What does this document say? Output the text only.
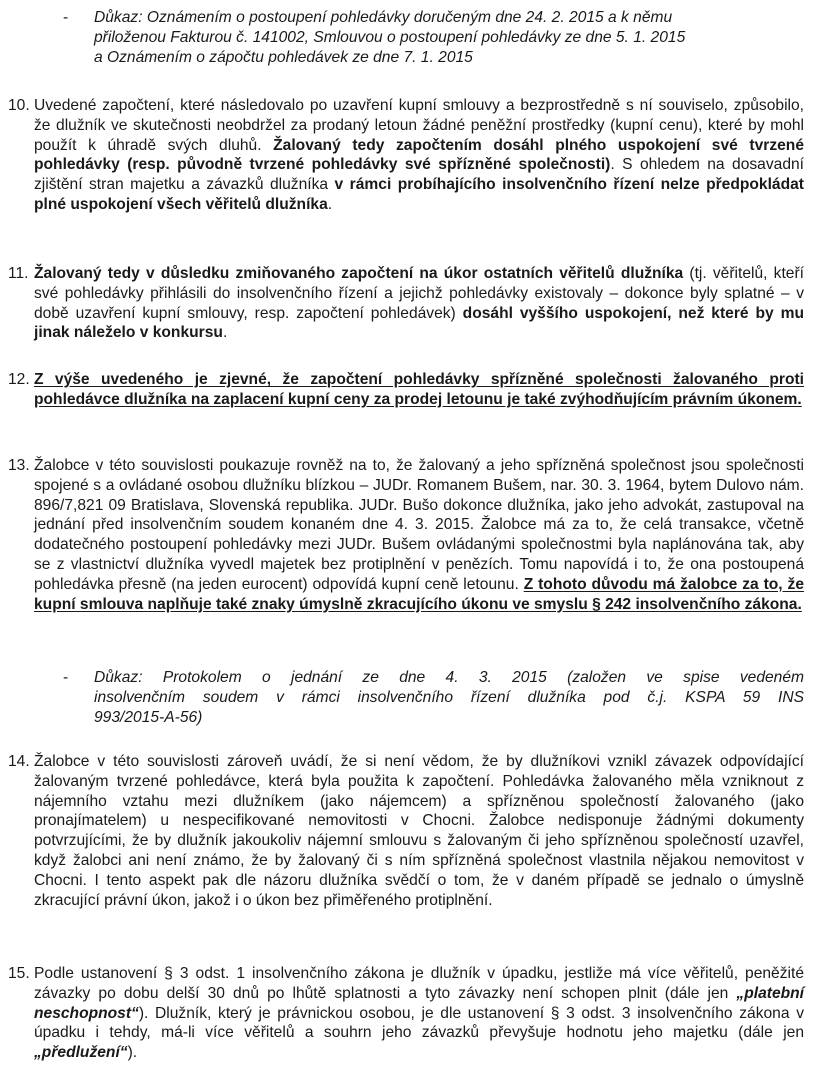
- Důkaz: Oznámením o postoupení pohledávky doručeným dne 24. 2. 2015 a k němu
přiloženou Fakturou č. 141002, Smlouvou o postoupení pohledávky ze dne 5. 1. 2015
a Oznámením o zápočtu pohledávek ze dne 7. 1. 2015
10. Uvedené započtení, které následovalo po uzavření kupní smlouvy a bezprostředně s ní souviselo, způsobilo, že dlužník ve skutečnosti neobdržel za prodaný letoun žádné peněžní prostředky (kupní cenu), které by mohl použít k úhradě svých dluhů. Žalovaný tedy započtením dosáhl plného uspokojení své tvrzené pohledávky (resp. původně tvrzené pohledávky své spřízněné společnosti). S ohledem na dosavadní zjištění stran majetku a závazků dlužníka v rámci probíhajícího insolvenčního řízení nelze předpokládat plné uspokojení všech věřitelů dlužníka.

11. Žalovaný tedy v důsledku zmiňovaného započtení na úkor ostatních věřitelů dlužníka (tj. věřitelů, kteří své pohledávky přihlásili do insolvenčního řízení a jejichž pohledávky existovaly – dokonce byly splatné – v době uzavření kupní smlouvy, resp. započtení pohledávek) dosáhl vyššího uspokojení, než které by mu jinak náleželo v konkursu.

12. Z výše uvedeného je zjevné, že započtení pohledávky spřízněné společnosti žalovaného proti pohledávce dlužníka na zaplacení kupní ceny za prodej letounu je také zvýhodňujícím právním úkonem.

13. Žalobce v této souvislosti poukazuje rovněž na to, že žalovaný a jeho spřízněná společnost jsou společnosti spojené s a ovládané osobou dlužníku blízkou – JUDr. Romanem Bušem, nar. 30. 3. 1964, bytem Dulovo nám. 896/7,821 09 Bratislava, Slovenská republika. JUDr. Bušo dokonce dlužníka, jako jeho advokát, zastupoval na jednání před insolvenčním soudem konaném dne 4. 3. 2015. Žalobce má za to, že celá transakce, včetně dodatečného postoupení pohledávky mezi JUDr. Bušem ovládanými společnostmi byla naplánována tak, aby se z vlastnictví dlužníka vyvedl majetek bez protiplnění v penězích. Tomu napovídá i to, že ona postoupená pohledávka přesně (na jeden eurocent) odpovídá kupní ceně letounu. Z tohoto důvodu má žalobce za to, že kupní smlouva naplňuje také znaky úmyslně zkracujícího úkonu ve smyslu § 242 insolvenčního zákona.

- Důkaz: Protokolem o jednání ze dne 4. 3. 2015 (založen ve spise vedeném
insolvenčním soudem v rámci insolvenčního řízení dlužníka pod č.j. KSPA 59 INS
993/2015-A-56)
14. Žalobce v této souvislosti zároveň uvádí, že si není vědom, že by dlužníkovi vznikl závazek odpovídající žalovaným tvrzené pohledávce, která byla použita k započtení. Pohledávka žalovaného měla vzniknout z nájemního vztahu mezi dlužníkem (jako nájemcem) a spřízněnou společností žalovaného (jako pronajímatelem) u nespecifikované nemovitosti v Chocni. Žalobce nedisponuje žádnými dokumenty potvrzujícími, že by dlužník jakoukoliv nájemní smlouvu s žalovaným či jeho spřízněnou společností uzavřel, když žalobci ani není známo, že by žalovaný či s ním spřízněná společnost vlastnila nějakou nemovitost v Chocni. I tento aspekt pak dle názoru dlužníka svědčí o tom, že v daném případě se jednalo o úmyslně zkracující právní úkon, jakož i o úkon bez přiměřeného protiplnění.

15. Podle ustanovení § 3 odst. 1 insolvenčního zákona je dlužník v úpadku, jestliže má více věřitelů, peněžité závazky po dobu delší 30 dnů po lhůtě splatnosti a tyto závazky není schopen plnit (dále jen „platební neschopnost“). Dlužník, který je právnickou osobou, je dle ustanovení § 3 odst. 3 insolvenčního zákona v úpadku i tehdy, má-li více věřitelů a souhrn jeho závazků převyšuje hodnotu jeho majetku (dále jen „předlužení“).
